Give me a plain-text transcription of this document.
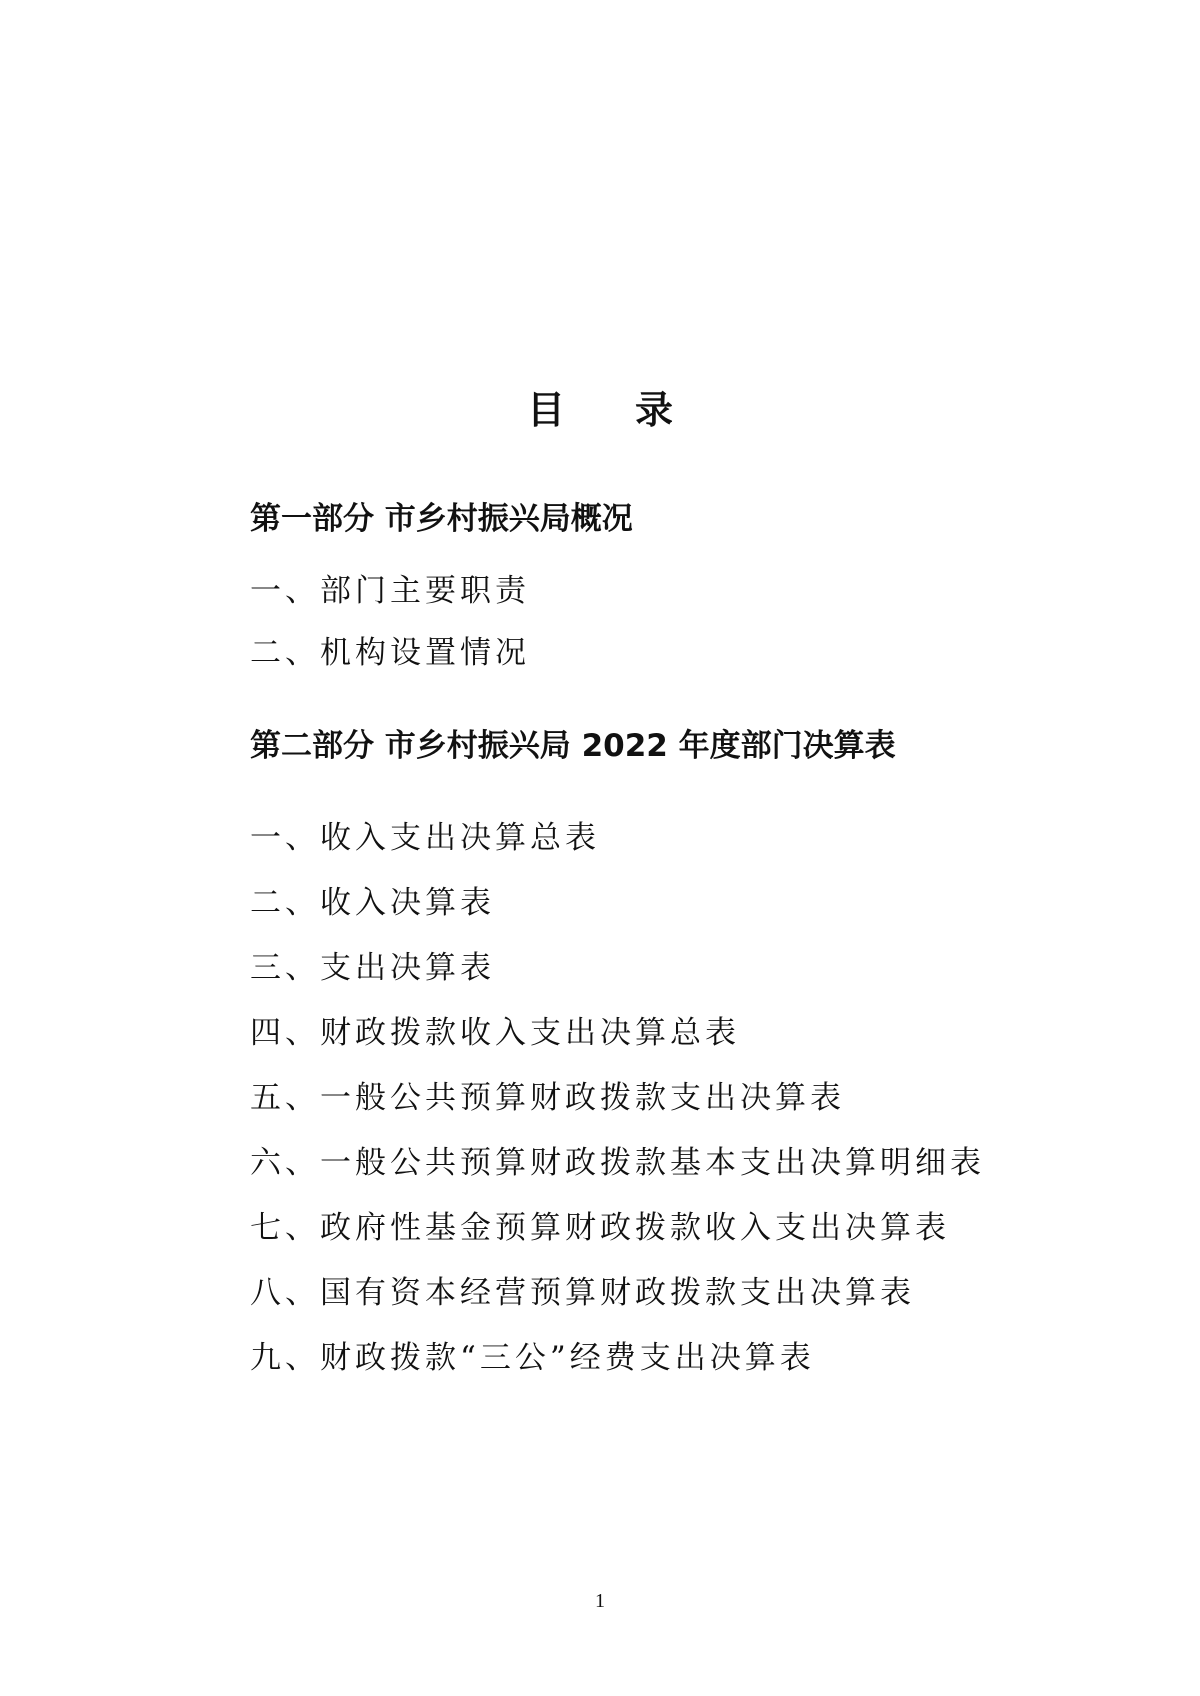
目 录
第一部分 市乡村振兴局概况
一、部门主要职责
二、机构设置情况
第二部分 市乡村振兴局 2022 年度部门决算表
一、收入支出决算总表
二、收入决算表
三、支出决算表
四、财政拨款收入支出决算总表
五、一般公共预算财政拨款支出决算表
六、一般公共预算财政拨款基本支出决算明细表
七、政府性基金预算财政拨款收入支出决算表
八、国有资本经营预算财政拨款支出决算表
九、财政拨款“三公”经费支出决算表
1
